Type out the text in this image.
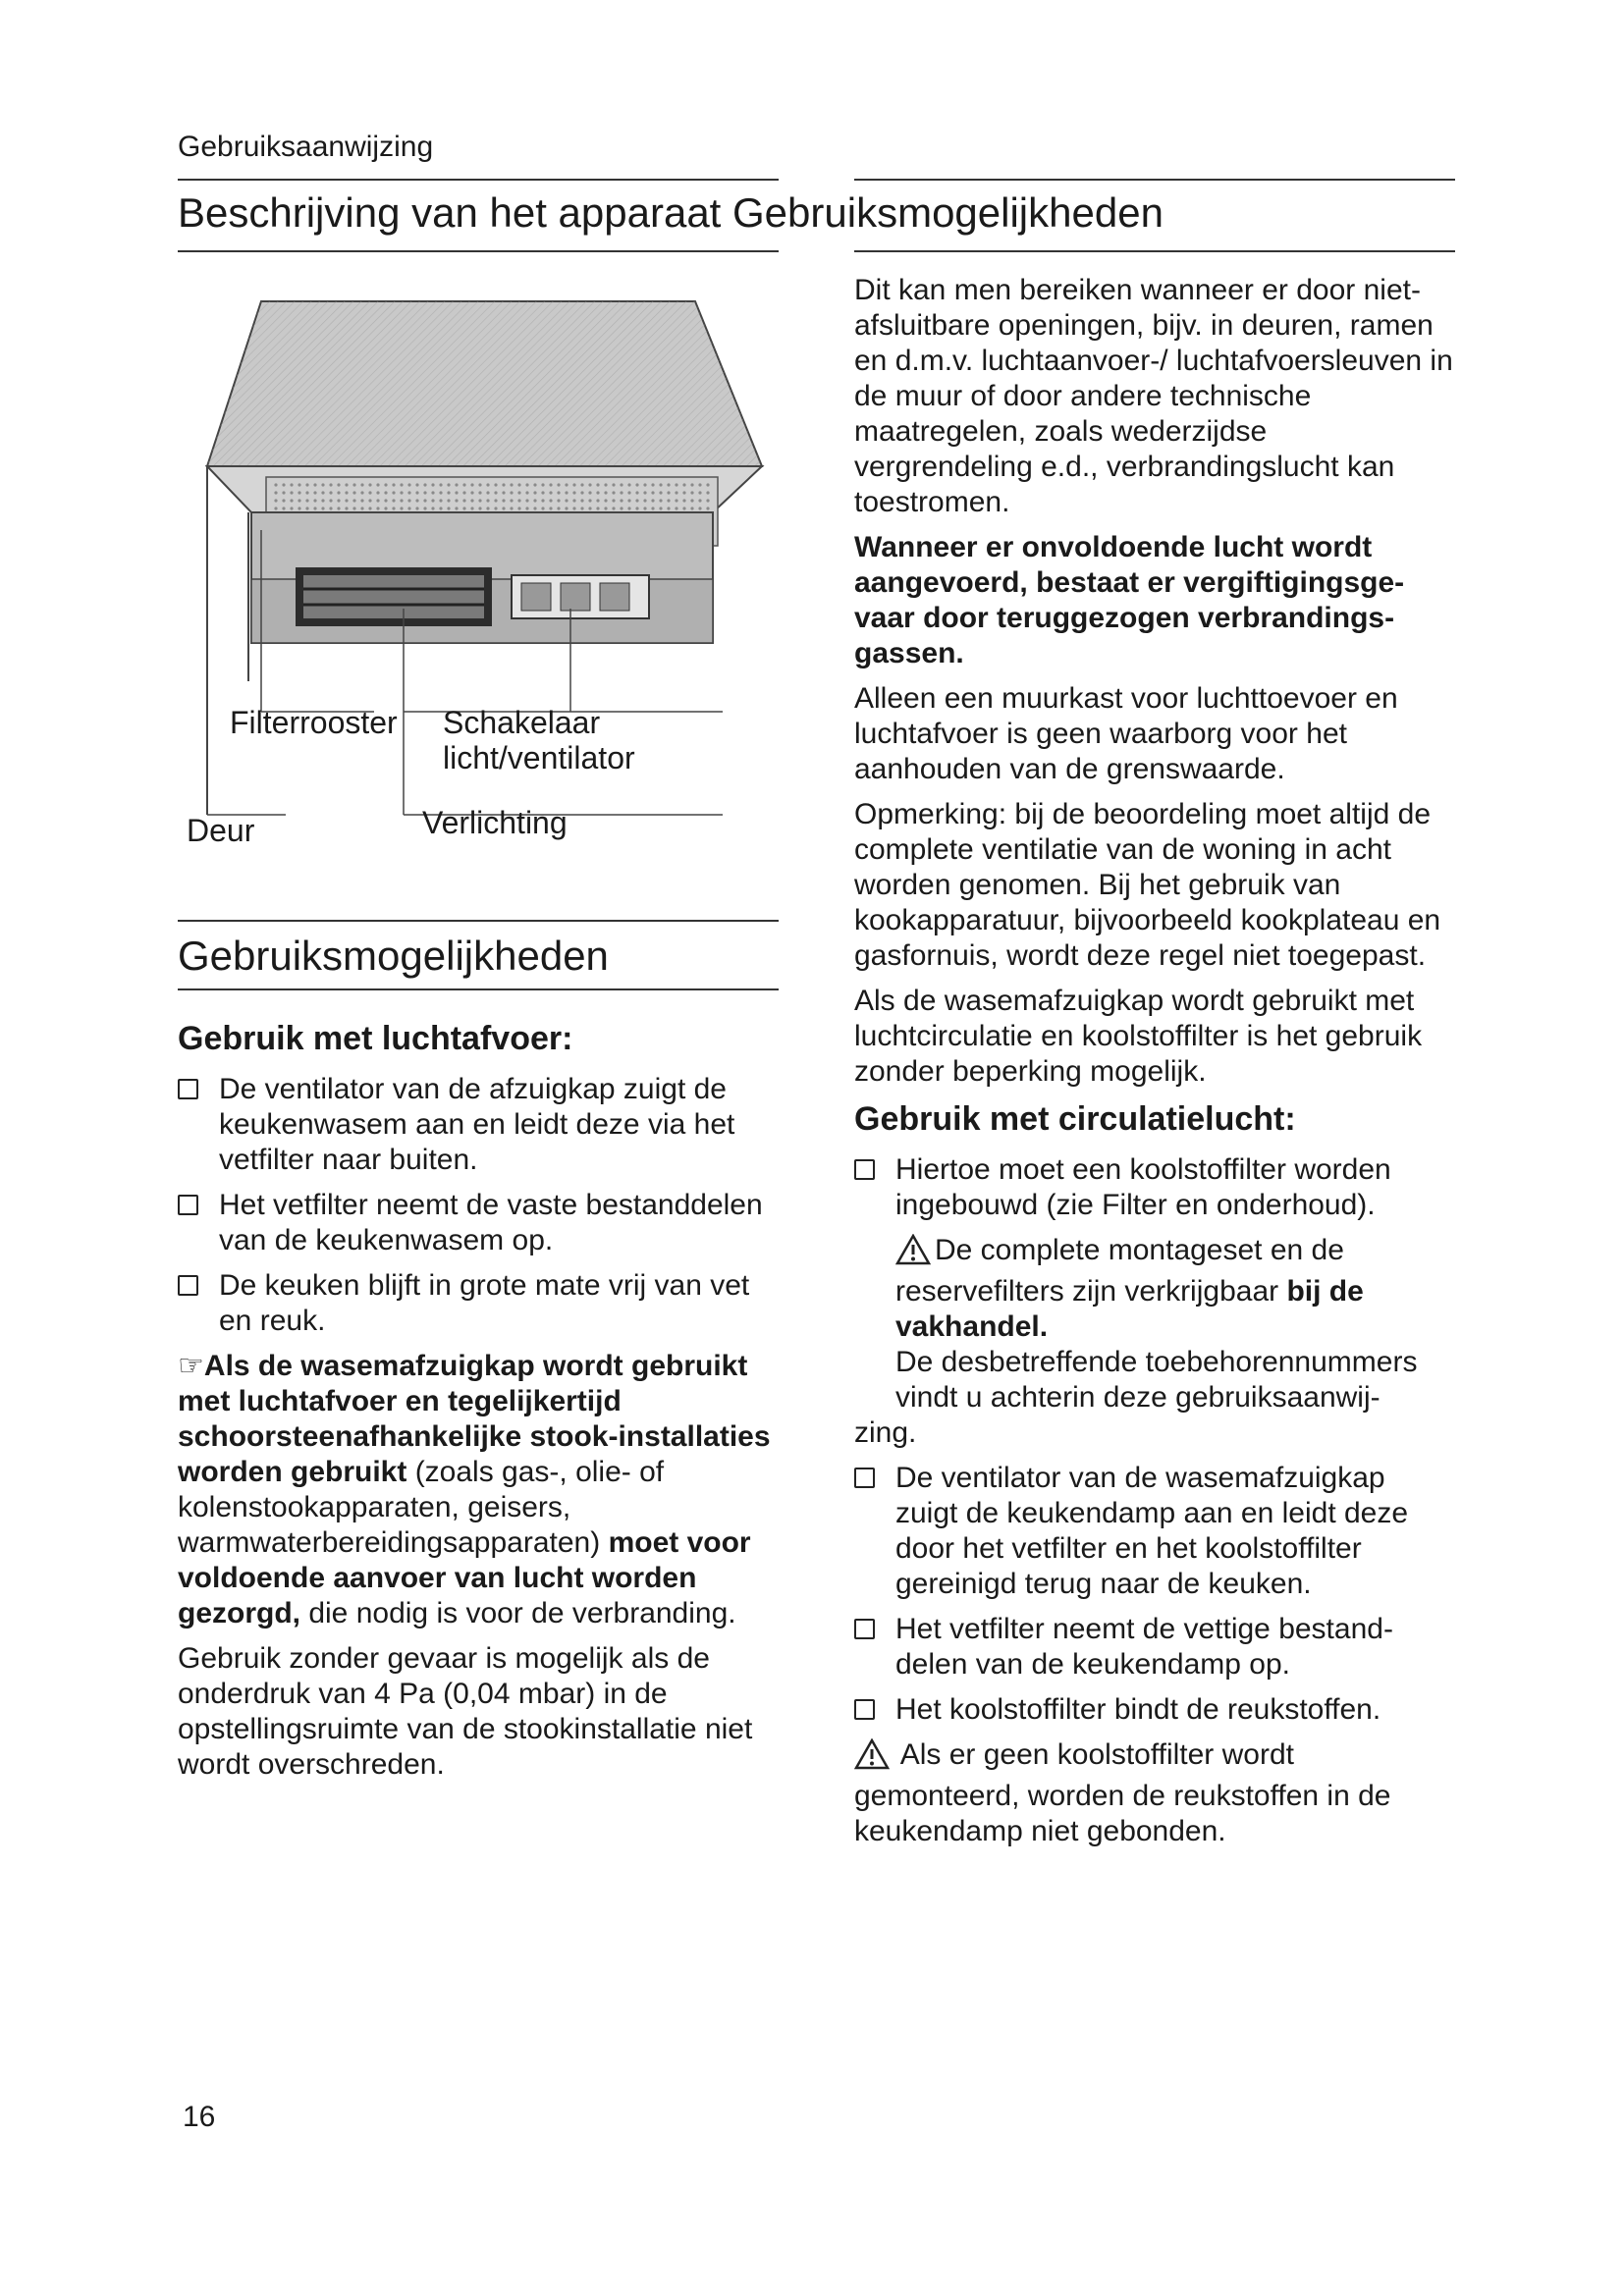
Gebruiksaanwijzing
Beschrijving van het apparaat Gebruiksmogelijkheden
Filterrooster Schakelaar
licht/ventilator
Deur	Verlichting
Gebruiksmogelijkheden
Gebruik met luchtafvoer:
De ventilator van de afzuigkap zuigt de keukenwasem aan en leidt deze via het vetfilter naar buiten.
Het vetfilter neemt de vaste bestanddelen van de keukenwasem op.
De keuken blijft in grote mate vrij van vet en reuk.

☞Als de wasemafzuigkap wordt gebruikt met luchtafvoer en tegelijkertijd schoorsteenafhankelijke stook-installaties worden gebruikt (zoals gas-, olie- of kolenstookapparaten, geisers, warmwaterbereidingsapparaten) moet voor voldoende aanvoer van lucht worden gezorgd, die nodig is voor de verbranding.

Gebruik zonder gevaar is mogelijk als de onderdruk van 4 Pa (0,04 mbar) in de opstellingsruimte van de stookinstallatie niet wordt overschreden.

Dit kan men bereiken wanneer er door niet-afsluitbare openingen, bijv. in deuren, ramen en d.m.v. luchtaanvoer-/ luchtafvoersleuven in de muur of door andere technische maatregelen, zoals wederzijdse vergrendeling e.d., verbrandingslucht kan toestromen.

Wanneer er onvoldoende lucht wordt aangevoerd, bestaat er vergiftigingsge-vaar door teruggezogen verbrandings-gassen.

Alleen een muurkast voor luchttoevoer en luchtafvoer is geen waarborg voor het aanhouden van de grenswaarde.

Opmerking: bij de beoordeling moet altijd de complete ventilatie van de woning in acht worden genomen. Bij het gebruik van kookapparatuur, bijvoorbeeld kookplateau en gasfornuis, wordt deze regel niet toegepast.

Als de wasemafzuigkap wordt gebruikt met luchtcirculatie en koolstoffilter is het gebruik zonder beperking mogelijk.

Gebruik met circulatielucht:
Hiertoe moet een koolstoffilter worden ingebouwd (zie Filter en onderhoud).
De complete montageset en de reservefilters zijn verkrijgbaar bij de vakhandel.
De desbetreffende toebehorennummers vindt u achterin deze gebruiksaanwij-

zing.

De ventilator van de wasemafzuigkap zuigt de keukendamp aan en leidt deze door het vetfilter en het koolstoffilter gereinigd terug naar de keuken.
Het vetfilter neemt de vettige bestand-delen van de keukendamp op.
Het koolstoffilter bindt de reukstoffen.

Als er geen koolstoffilter wordt gemonteerd, worden de reukstoffen in de keukendamp niet gebonden.

16
